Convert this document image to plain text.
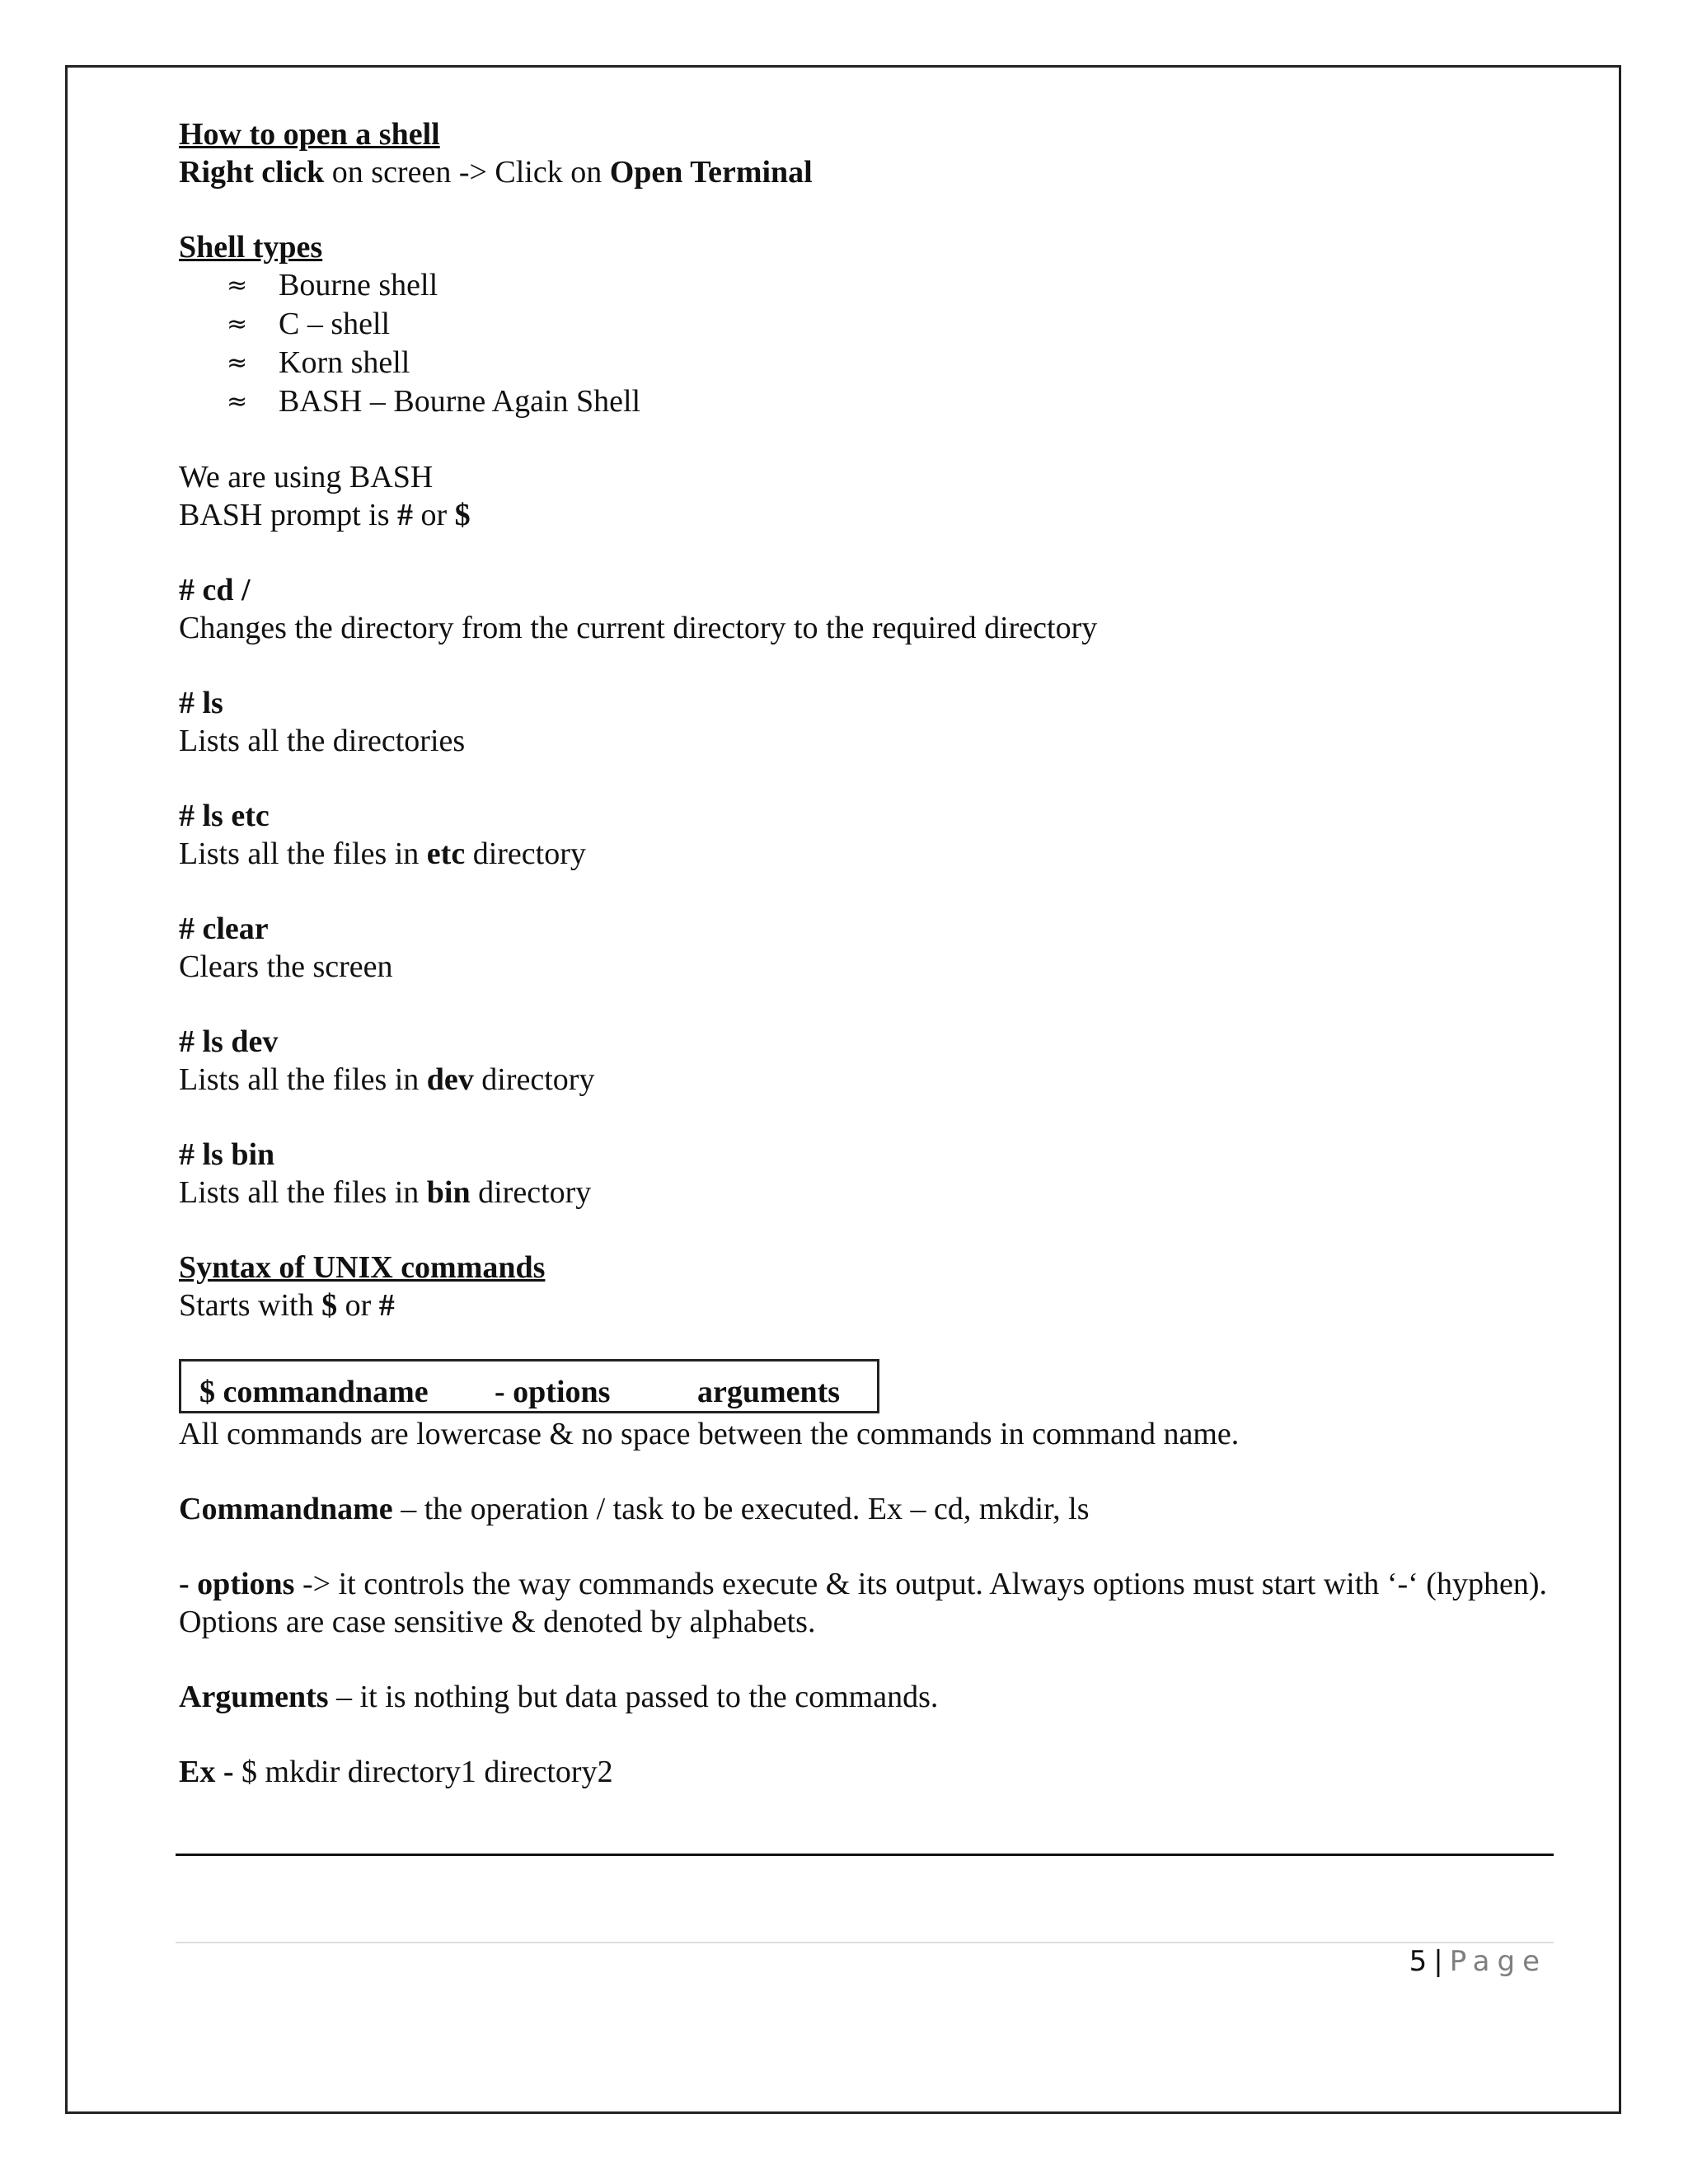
How to open a shell

Right click on screen -> Click on Open Terminal

Shell types

≈ Bourne shell
≈ C – shell
≈ Korn shell
≈ BASH – Bourne Again Shell

We are using BASH

BASH prompt is # or $

# cd /

Changes the directory from the current directory to the required directory

# ls

Lists all the directories

# ls etc

Lists all the files in etc directory

# clear

Clears the screen

# ls dev

Lists all the files in dev directory

# ls bin

Lists all the files in bin directory

Syntax of UNIX commands

Starts with $ or #

$ commandname - options	arguments

All commands are lowercase & no space between the commands in command name.

Commandname – the operation / task to be executed. Ex – cd, mkdir, ls

- options -> it controls the way commands execute & its output. Always options must start with ‘-‘ (hyphen). Options are case sensitive & denoted by alphabets.

Arguments – it is nothing but data passed to the commands.

Ex - $ mkdir directory1 directory2

5 | Page
